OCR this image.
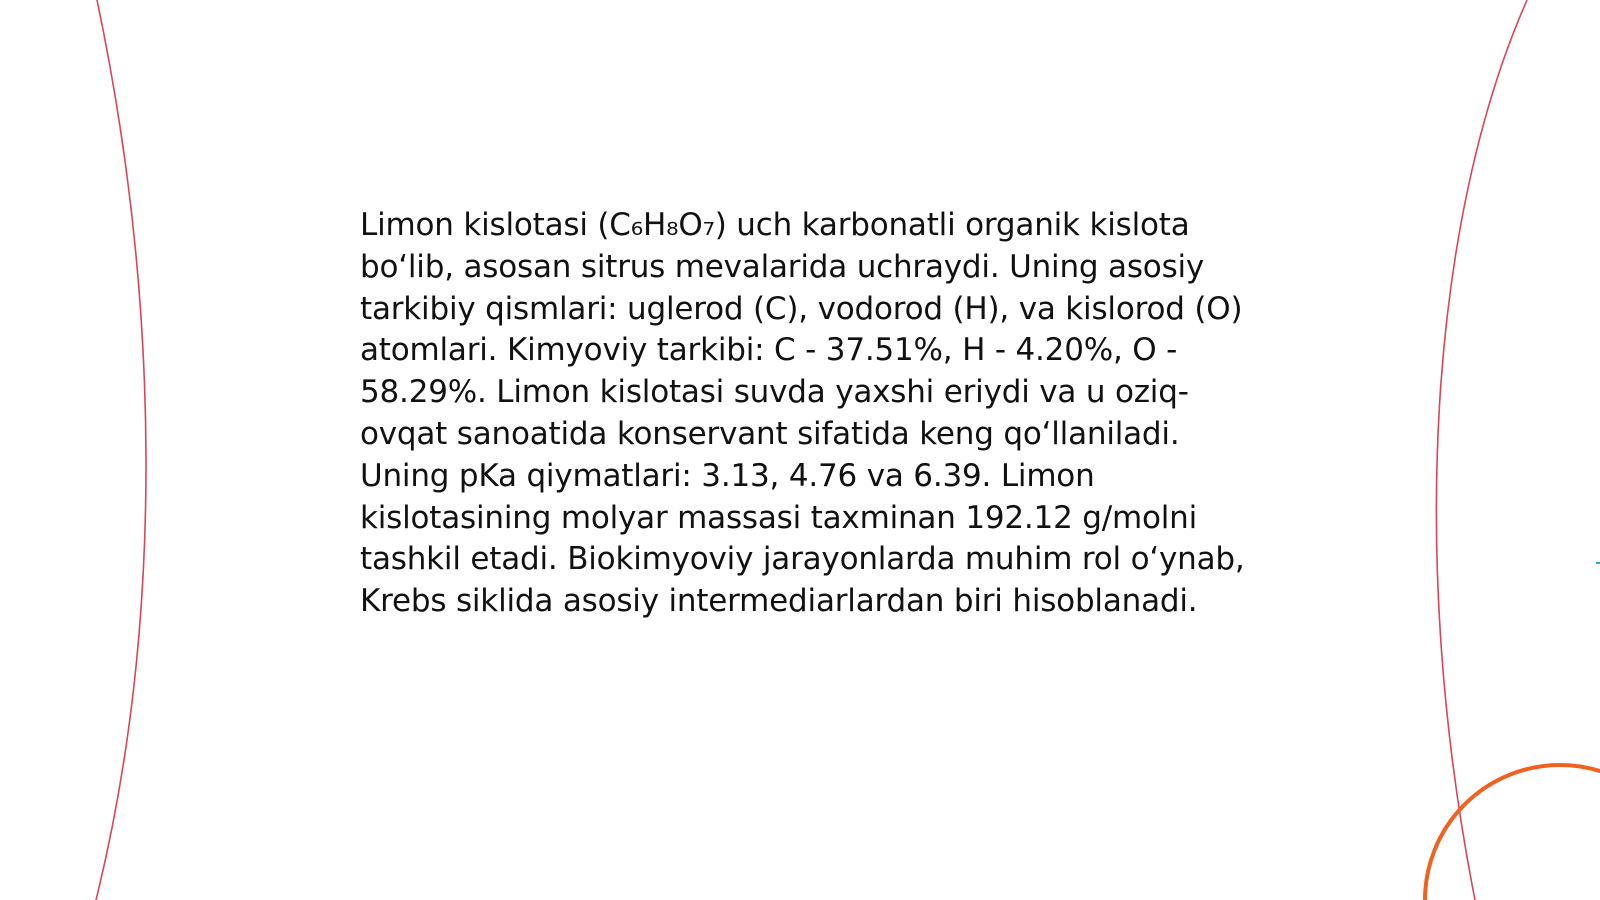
Limon kislotasi (C₆H₈O₇) uch karbonatli organik kislota bo‘lib, asosan sitrus mevalarida uchraydi. Uning asosiy tarkibiy qismlari: uglerod (C), vodorod (H), va kislorod (O) atomlari. Kimyoviy tarkibi: C - 37.51%, H - 4.20%, O - 58.29%. Limon kislotasi suvda yaxshi eriydi va u oziq-ovqat sanoatida konservant sifatida keng qo‘llaniladi. Uning pKa qiymatlari: 3.13, 4.76 va 6.39. Limon kislotasining molyar massasi taxminan 192.12 g/molni tashkil etadi. Biokimyoviy jarayonlarda muhim rol o‘ynab, Krebs siklida asosiy intermediarlardan biri hisoblanadi.
